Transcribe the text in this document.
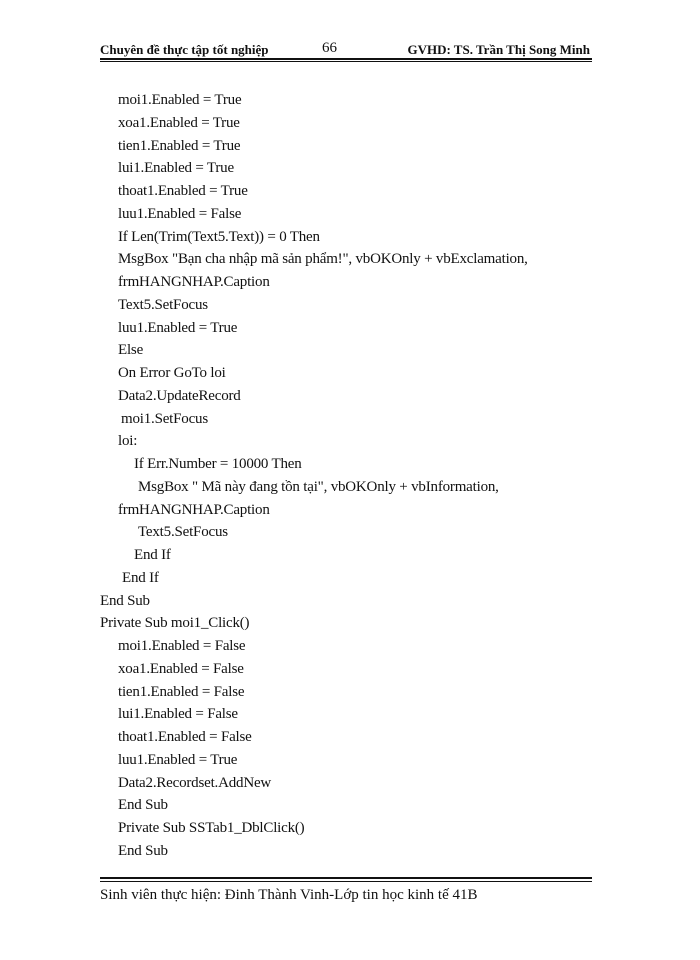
Chuyên đề thực tập tốt nghiệp	66	GVHD: TS. Trần Thị Song Minh
moi1.Enabled = True
xoa1.Enabled = True
tien1.Enabled = True
lui1.Enabled = True
thoat1.Enabled = True
luu1.Enabled = False
If Len(Trim(Text5.Text)) = 0 Then
MsgBox "Bạn cha nhập mã sản phẩm!", vbOKOnly + vbExclamation,
frmHANGNHAP.Caption
Text5.SetFocus
luu1.Enabled = True
Else
On Error GoTo loi
Data2.UpdateRecord
moi1.SetFocus
loi:
If Err.Number = 10000 Then
MsgBox " Mã này đang tồn tại", vbOKOnly + vbInformation,
frmHANGNHAP.Caption
Text5.SetFocus
End If
End If
End Sub
Private Sub moi1_Click()
moi1.Enabled = False
xoa1.Enabled = False
tien1.Enabled = False
lui1.Enabled = False
thoat1.Enabled = False
luu1.Enabled = True
Data2.Recordset.AddNew
End Sub
Private Sub SSTab1_DblClick()
End Sub
Sinh viên thực hiện: Đinh Thành Vinh-Lớp tin học kinh tế 41B
